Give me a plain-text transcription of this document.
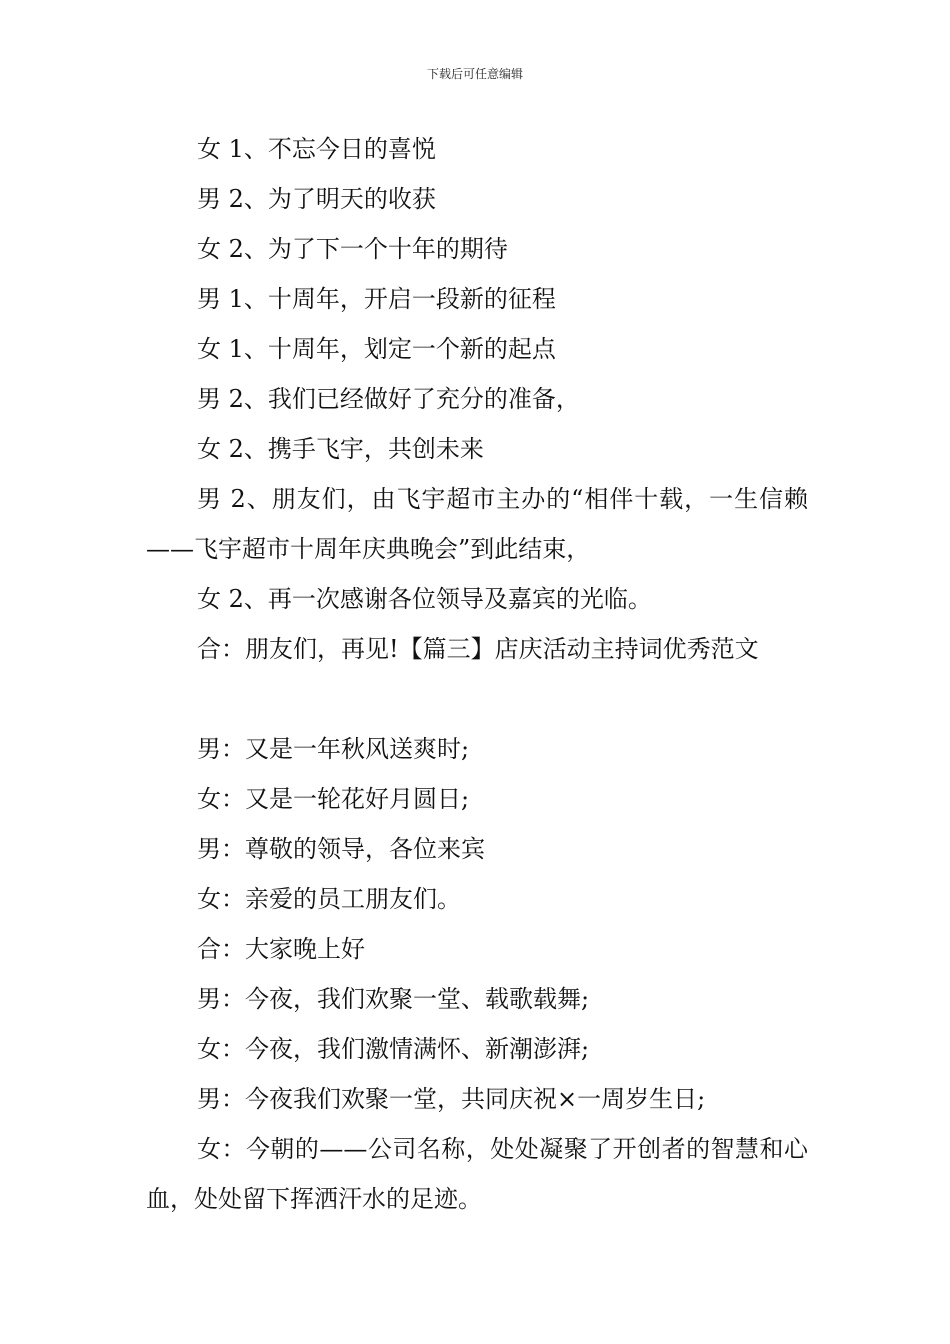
下载后可任意编辑

女 1、不忘今日的喜悦

男 2、为了明天的收获

女 2、为了下一个十年的期待

男 1、十周年，开启一段新的征程

女 1、十周年，划定一个新的起点

男 2、我们已经做好了充分的准备，

女 2、携手飞宇，共创未来

男 2、朋友们，由飞宇超市主办的“相伴十载，一生信赖——飞宇超市十周年庆典晚会”到此结束，

女 2、再一次感谢各位领导及嘉宾的光临。

合：朋友们，再见!【篇三】店庆活动主持词优秀范文

男：又是一年秋风送爽时;

女：又是一轮花好月圆日;

男：尊敬的领导，各位来宾

女：亲爱的员工朋友们。

合：大家晚上好

男：今夜，我们欢聚一堂、载歌载舞;

女：今夜，我们激情满怀、新潮澎湃;

男：今夜我们欢聚一堂，共同庆祝×一周岁生日;

女：今朝的——公司名称，处处凝聚了开创者的智慧和心血，处处留下挥洒汗水的足迹。
